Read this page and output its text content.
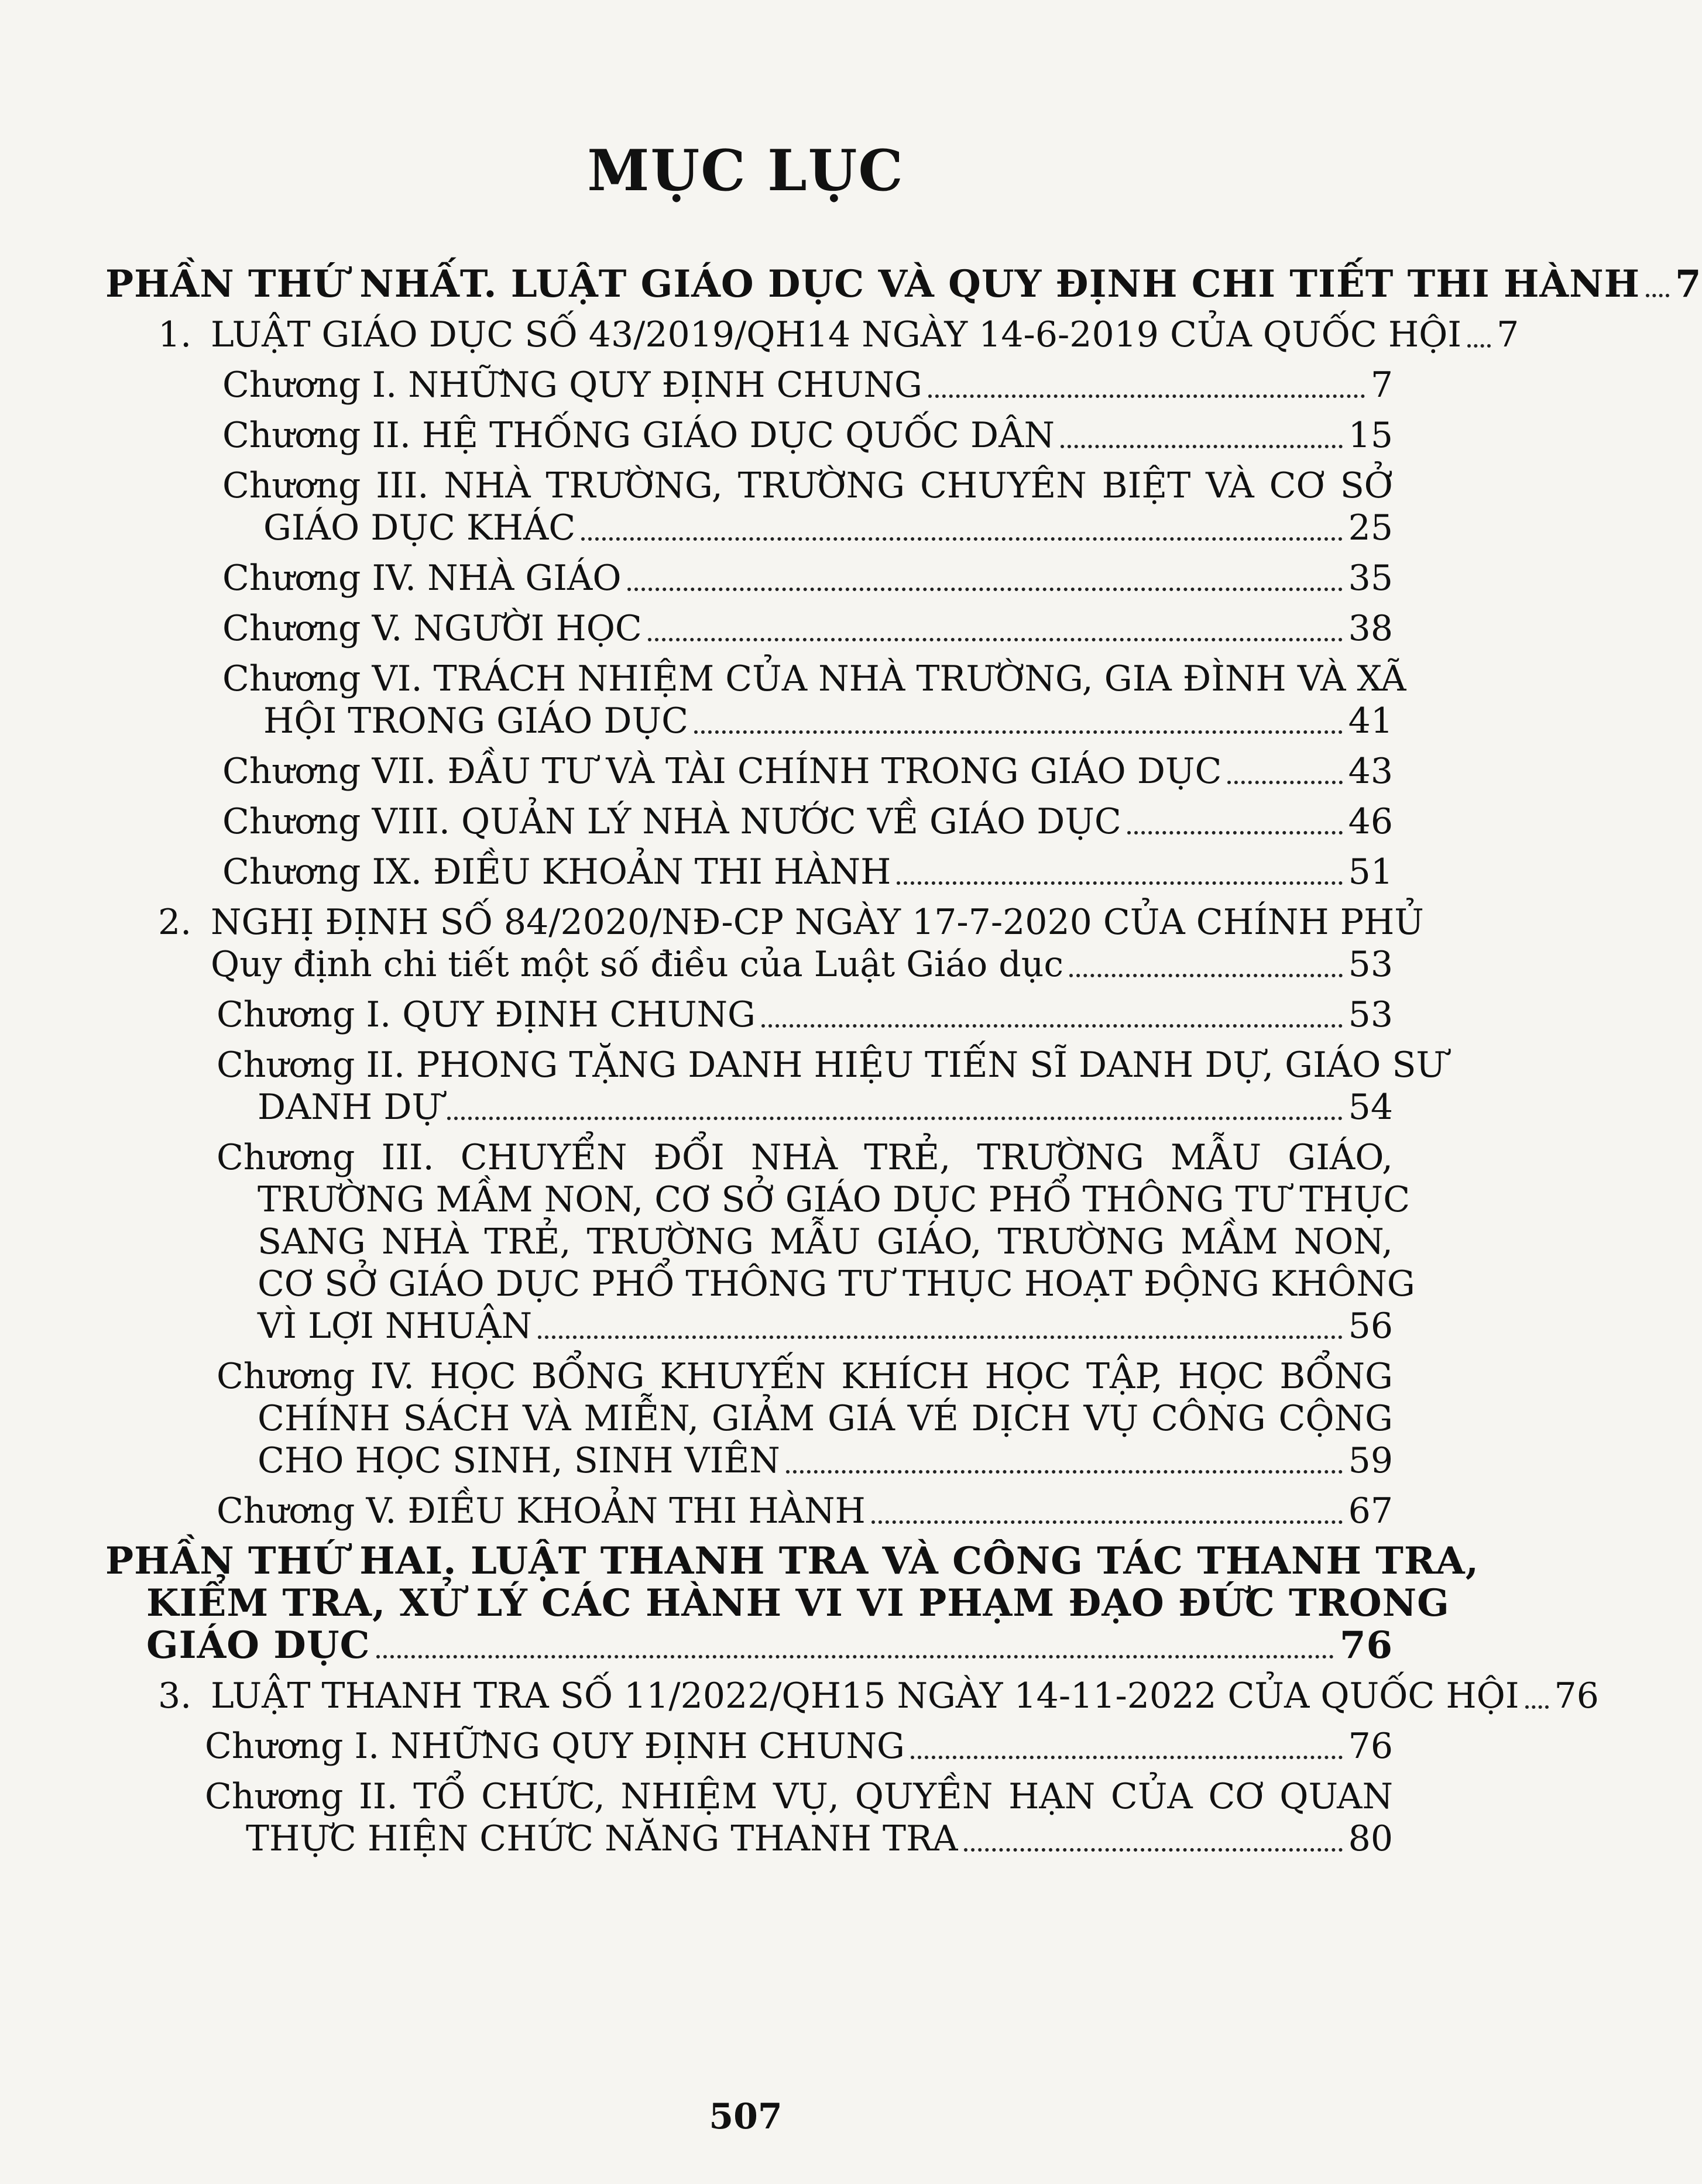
MỤC LỤC
PHẦN THỨ NHẤT. LUẬT GIÁO DỤC VÀ QUY ĐỊNH CHI TIẾT THI HÀNH 7
1. LUẬT GIÁO DỤC SỐ 43/2019/QH14 NGÀY 14-6-2019 CỦA QUỐC HỘI 7
Chương I. NHỮNG QUY ĐỊNH CHUNG	7
Chương II. HỆ THỐNG GIÁO DỤC QUỐC DÂN	15
Chương III. NHÀ TRƯỜNG, TRƯỜNG CHUYÊN BIỆT VÀ CƠ SỞ
GIÁO DỤC KHÁC	25
Chương IV. NHÀ GIÁO	35
Chương V. NGƯỜI HỌC	38
Chương VI. TRÁCH NHIỆM CỦA NHÀ TRƯỜNG, GIA ĐÌNH VÀ XÃ
HỘI TRONG GIÁO DỤC	41
Chương VII. ĐẦU TƯ VÀ TÀI CHÍNH TRONG GIÁO DỤC	43
Chương VIII. QUẢN LÝ NHÀ NƯỚC VỀ GIÁO DỤC	46
Chương IX. ĐIỀU KHOẢN THI HÀNH	51
2. NGHỊ ĐỊNH SỐ 84/2020/NĐ-CP NGÀY 17-7-2020 CỦA CHÍNH PHỦ
Quy định chi tiết một số điều của Luật Giáo dục	53
Chương I. QUY ĐỊNH CHUNG	53
Chương II. PHONG TẶNG DANH HIỆU TIẾN SĨ DANH DỰ, GIÁO SƯ
DANH DỰ	54
Chương III. CHUYỂN ĐỔI NHÀ TRẺ, TRƯỜNG MẪU GIÁO,
TRƯỜNG MẦM NON, CƠ SỞ GIÁO DỤC PHỔ THÔNG TƯ THỤC
SANG NHÀ TRẺ, TRƯỜNG MẪU GIÁO, TRƯỜNG MẦM NON,
CƠ SỞ GIÁO DỤC PHỔ THÔNG TƯ THỤC HOẠT ĐỘNG KHÔNG
VÌ LỢI NHUẬN	56
Chương IV. HỌC BỔNG KHUYẾN KHÍCH HỌC TẬP, HỌC BỔNG
CHÍNH SÁCH VÀ MIỄN, GIẢM GIÁ VÉ DỊCH VỤ CÔNG CỘNG
CHO HỌC SINH, SINH VIÊN	59
Chương V. ĐIỀU KHOẢN THI HÀNH	67
PHẦN THỨ HAI. LUẬT THANH TRA VÀ CÔNG TÁC THANH TRA,
KIỂM TRA, XỬ LÝ CÁC HÀNH VI VI PHẠM ĐẠO ĐỨC TRONG
GIÁO DỤC	76
3. LUẬT THANH TRA SỐ 11/2022/QH15 NGÀY 14-11-2022 CỦA QUỐC HỘI 76
Chương I. NHỮNG QUY ĐỊNH CHUNG	76
Chương II. TỔ CHỨC, NHIỆM VỤ, QUYỀN HẠN CỦA CƠ QUAN
THỰC HIỆN CHỨC NĂNG THANH TRA	80
507
